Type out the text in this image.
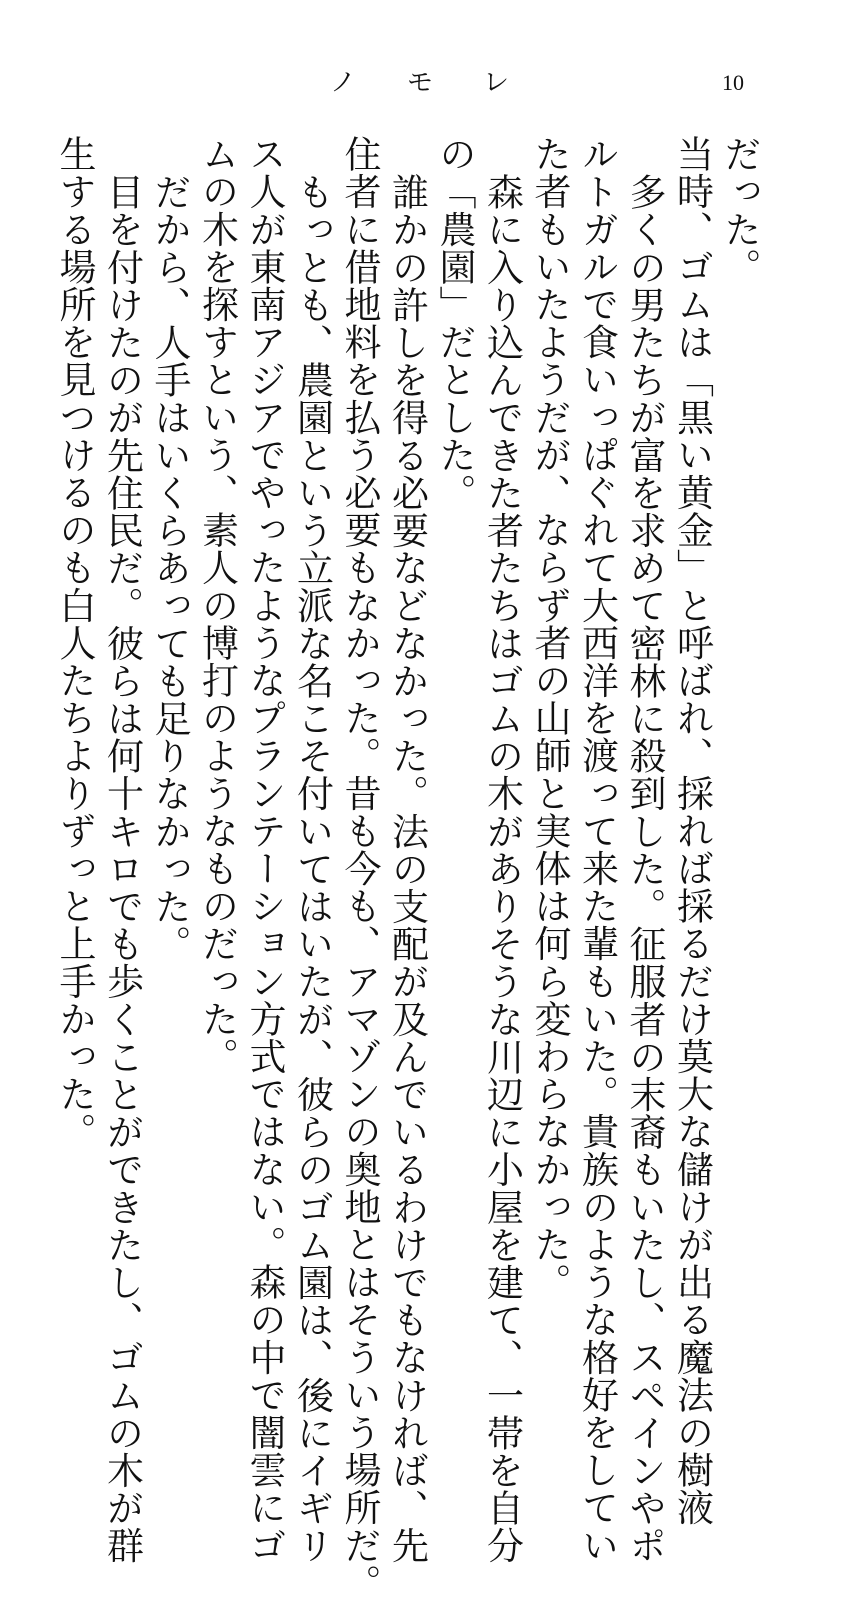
ノ モ レ	10
だった。
当時、ゴムは「黒い黄金」と呼ばれ、採れば採るだけ莫大な儲けが出る魔法の樹液
多くの男たちが富を求めて密林に殺到した。征服者の末裔もいたし、スペインやポ
ルトガルで食いっぱぐれて大西洋を渡って来た輩もいた。貴族のような格好をしてい
た者もいたようだが、ならず者の山師と実体は何ら変わらなかった。
森に入り込んできた者たちはゴムの木がありそうな川辺に小屋を建て、一帯を自分
の「農園」だとした。
誰かの許しを得る必要などなかった。法の支配が及んでいるわけでもなければ、先
住者に借地料を払う必要もなかった。昔も今も、アマゾンの奥地とはそういう場所だ。
もっとも、農園という立派な名こそ付いてはいたが、彼らのゴム園は、後にイギリ
ス人が東南アジアでやったようなプランテーション方式ではない。森の中で闇雲にゴ
ムの木を探すという、素人の博打のようなものだった。
だから、人手はいくらあっても足りなかった。
目を付けたのが先住民だ。彼らは何十キロでも歩くことができたし、ゴムの木が群
生する場所を見つけるのも白人たちよりずっと上手かった。
